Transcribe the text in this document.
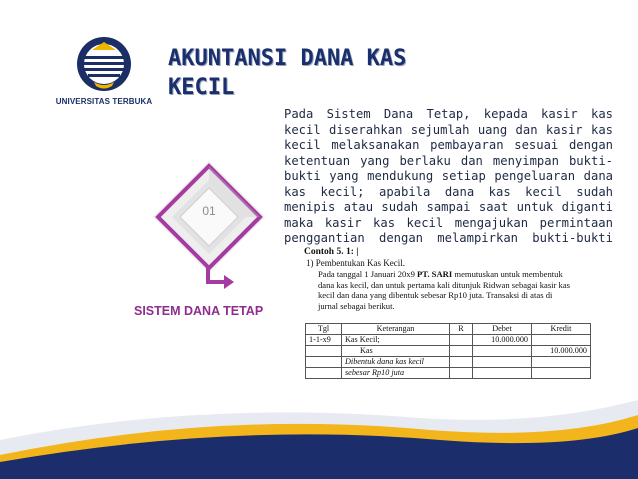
UNIVERSITAS TERBUKA
AKUNTANSI DANA KAS
KECIL
Pada Sistem Dana Tetap, kepada kasir kas
kecil diserahkan sejumlah uang dan kasir kas
kecil melaksanakan pembayaran sesuai dengan
ketentuan yang berlaku dan menyimpan bukti-
bukti yang mendukung setiap pengeluaran dana
kas kecil; apabila dana kas kecil sudah
menipis atau sudah sampai saat untuk diganti
maka kasir kas kecil mengajukan permintaan
penggantian dengan melampirkan bukti-bukti
01
SISTEM DANA TETAP
Contoh 5. 1: |
1) Pembentukan Kas Kecil.
Pada tanggal 1 Januari 20x9 PT. SARI memutuskan untuk membentuk
dana kas kecil, dan untuk pertama kali ditunjuk Ridwan sebagai kasir kas
kecil dan dana yang dibentuk sebesar Rp10 juta. Transaksi di atas di
jurnal sebagai berikut.
Tgl	Keterangan	R	Debet	Kredit
1-1-x9	Kas Kecil;		10.000.000	
	Kas			10.000.000
	Dibentuk dana kas kecil			
	sebesar Rp10 juta			
